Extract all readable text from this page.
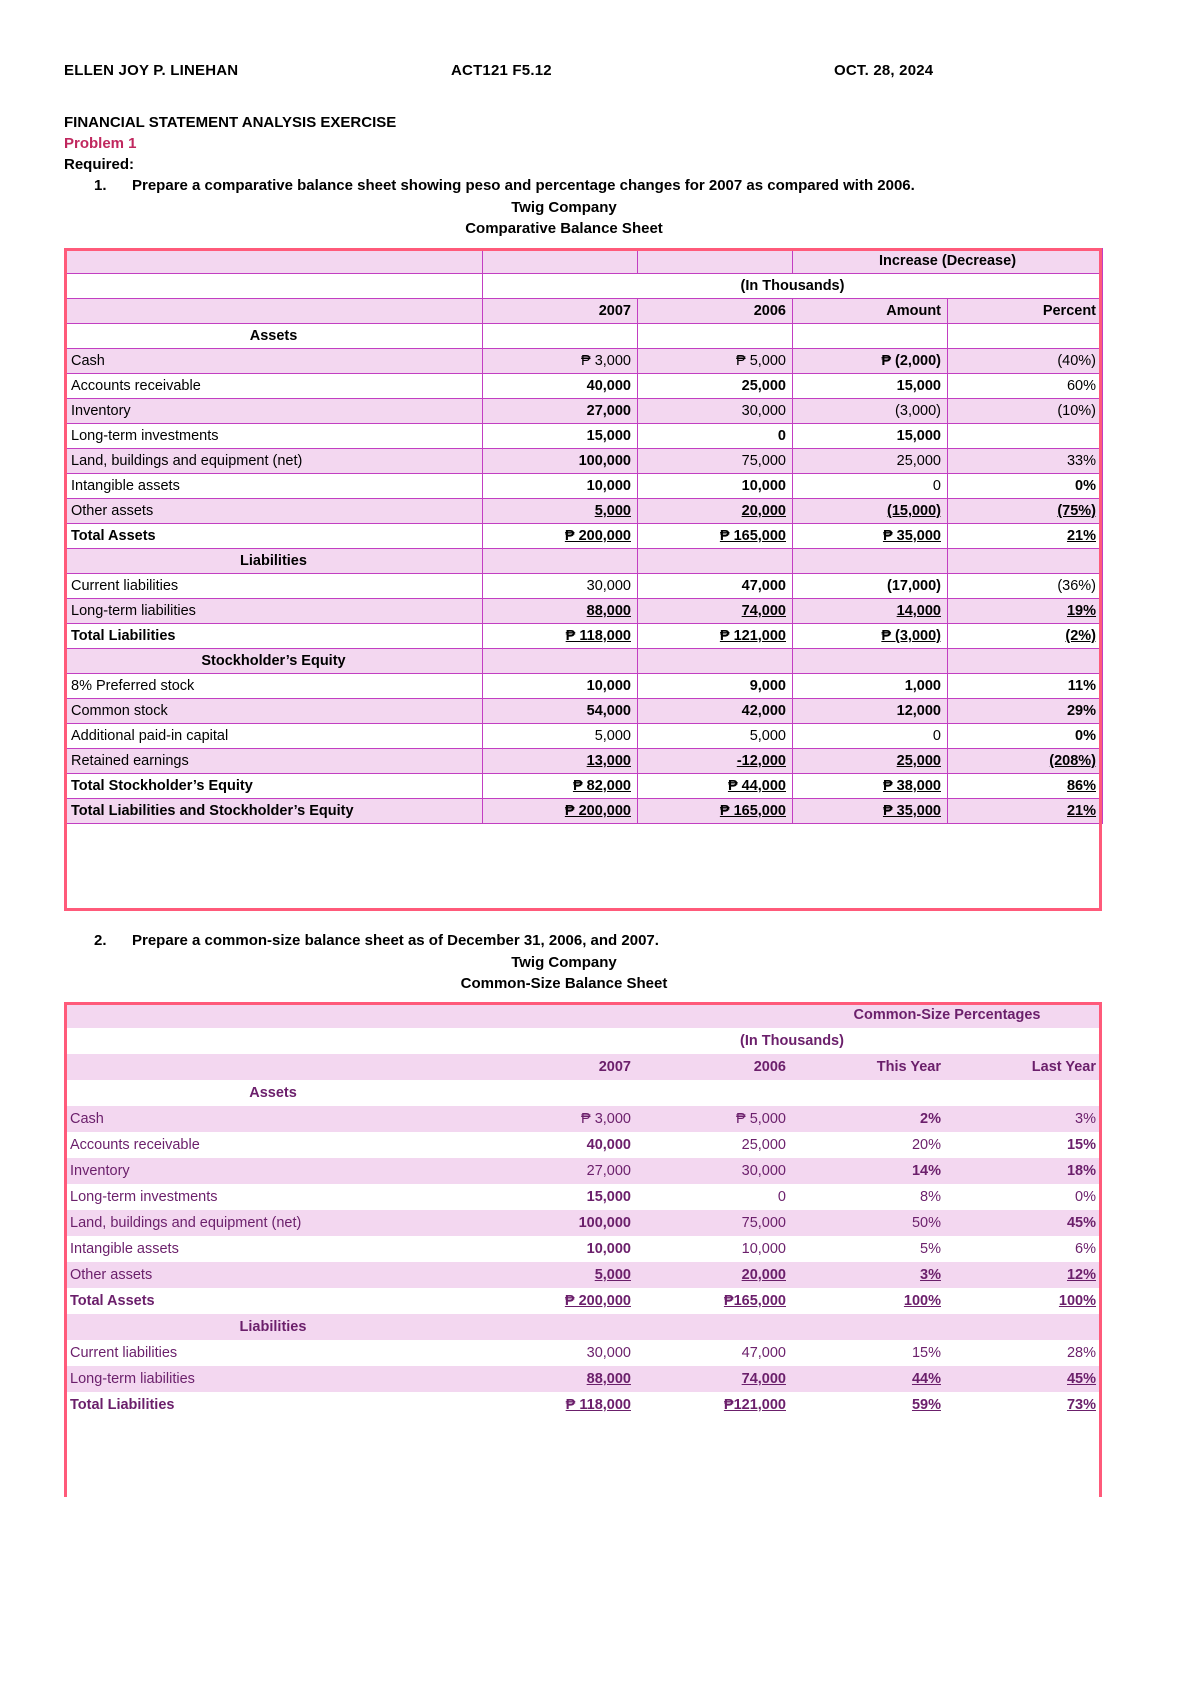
ELLEN JOY P. LINEHAN	ACT121 F5.12	OCT. 28, 2024
FINANCIAL STATEMENT ANALYSIS EXERCISE
Problem 1
Required:
1. Prepare a comparative balance sheet showing peso and percentage changes for 2007 as compared with 2006.
Twig Company
Comparative Balance Sheet
			Increase (Decrease)	
	(In Thousands)			
	2007	2006	Amount	Percent
Assets				
Cash	₱ 3,000	₱ 5,000	₱ (2,000)	(40%)
Accounts receivable	40,000	25,000	15,000	60%
Inventory	27,000	30,000	(3,000)	(10%)
Long-term investments	15,000	0	15,000	
Land, buildings and equipment (net)	100,000	75,000	25,000	33%
Intangible assets	10,000	10,000	0	0%
Other assets	5,000	20,000	(15,000)	(75%)
Total Assets	₱ 200,000	₱ 165,000	₱ 35,000	21%
Liabilities				
Current liabilities	30,000	47,000	(17,000)	(36%)
Long-term liabilities	88,000	74,000	14,000	19%
Total Liabilities	₱ 118,000	₱ 121,000	₱ (3,000)	(2%)
Stockholder’s Equity				
8% Preferred stock	10,000	9,000	1,000	11%
Common stock	54,000	42,000	12,000	29%
Additional paid-in capital	5,000	5,000	0	0%
Retained earnings	13,000	-12,000	25,000	(208%)
Total Stockholder’s Equity	₱ 82,000	₱ 44,000	₱ 38,000	86%
Total Liabilities and Stockholder’s Equity	₱ 200,000	₱ 165,000	₱ 35,000	21%
2. Prepare a common-size balance sheet as of December 31, 2006, and 2007.
Twig Company
Common-Size Balance Sheet
			Common-Size Percentages	
	(In Thousands)			
	2007	2006	This Year	Last Year
Assets				
Cash	₱ 3,000	₱ 5,000	2%	3%
Accounts receivable	40,000	25,000	20%	15%
Inventory	27,000	30,000	14%	18%
Long-term investments	15,000	0	8%	0%
Land, buildings and equipment (net)	100,000	75,000	50%	45%
Intangible assets	10,000	10,000	5%	6%
Other assets	5,000	20,000	3%	12%
Total Assets	₱ 200,000	₱165,000	100%	100%
Liabilities				
Current liabilities	30,000	47,000	15%	28%
Long-term liabilities	88,000	74,000	44%	45%
Total Liabilities	₱ 118,000	₱121,000	59%	73%
